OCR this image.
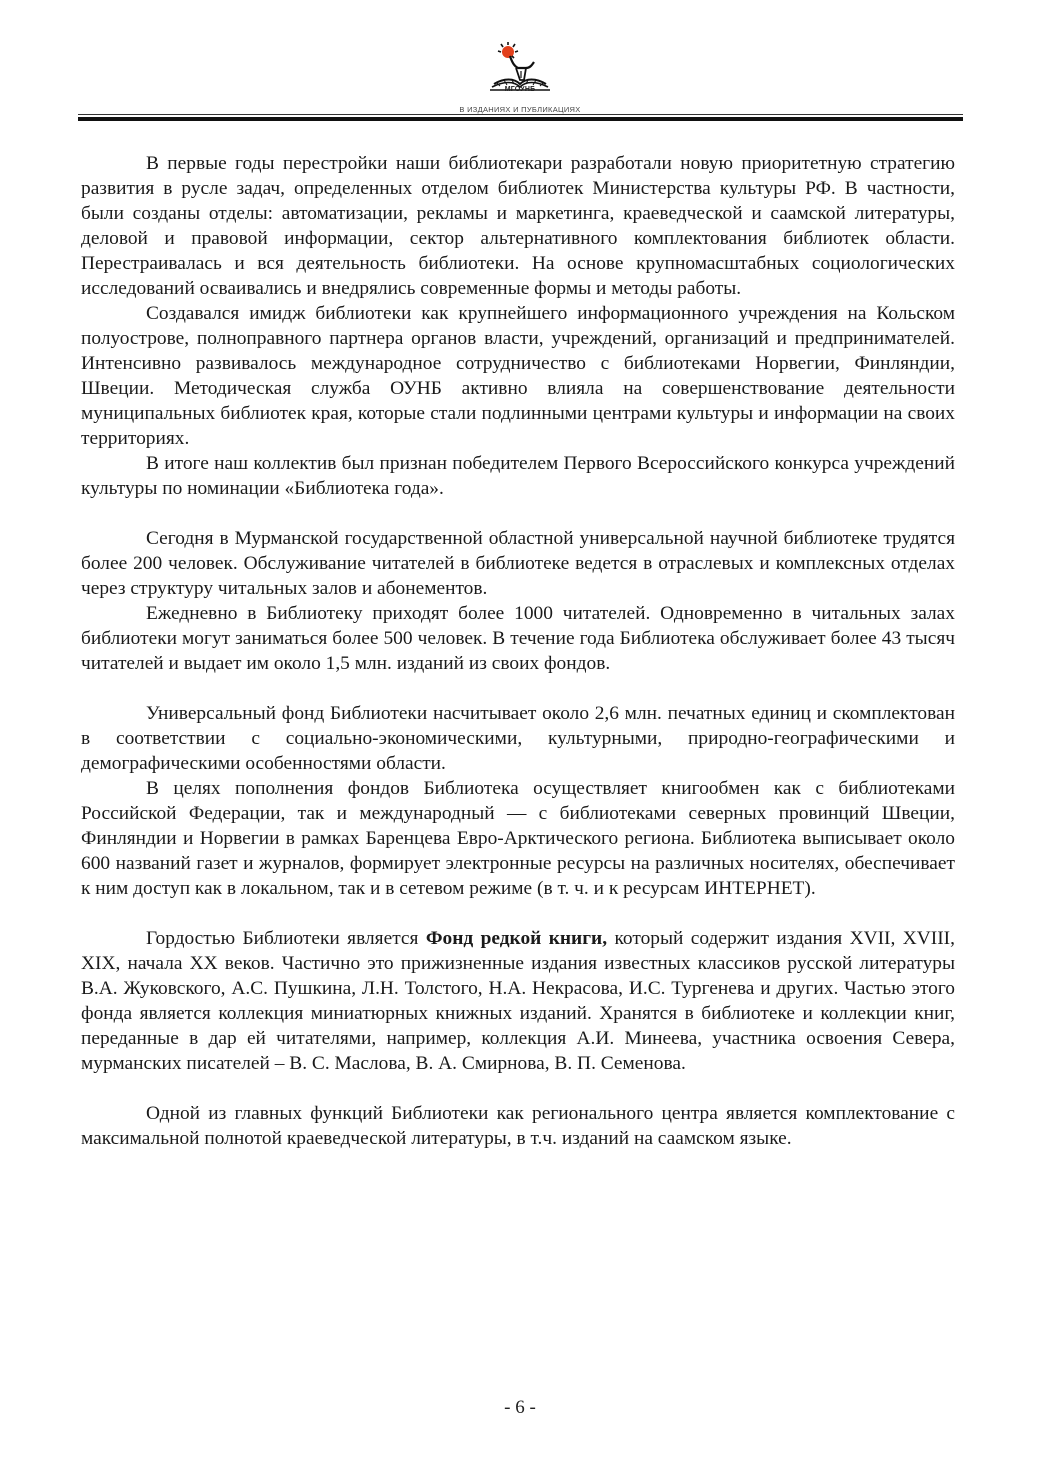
МГОУНБ
В ИЗДАНИЯХ И ПУБЛИКАЦИЯХ

В первые годы перестройки наши библиотекари разработали новую приоритетную стратегию развития в русле задач, определенных отделом библиотек Министерства культуры РФ. В частности, были созданы отделы: автоматизации, рекламы и маркетинга, краеведческой и саамской литературы, деловой и правовой информации, сектор альтернативного комплектования библиотек области. Перестраивалась и вся деятельность библиотеки. На основе крупномасштабных социологических исследований осваивались и внедрялись современные формы и методы работы.

Создавался имидж библиотеки как крупнейшего информационного учреждения на Кольском полуострове, полноправного партнера органов власти, учреждений, организаций и предпринимателей. Интенсивно развивалось международное сотрудничество с библиотеками Норвегии, Финляндии, Швеции. Методическая служба ОУНБ активно влияла на совершенствование деятельности муниципальных библиотек края, которые стали подлинными центрами культуры и информации на своих территориях.

В итоге наш коллектив был признан победителем Первого Всероссийского конкурса учреждений культуры по номинации «Библиотека года».

Сегодня в Мурманской государственной областной универсальной научной библиотеке трудятся более 200 человек. Обслуживание читателей в библиотеке ведется в отраслевых и комплексных отделах через структуру читальных залов и абонементов.

Ежедневно в Библиотеку приходят более 1000 читателей. Одновременно в читальных залах библиотеки могут заниматься более 500 человек. В течение года Библиотека обслуживает более 43 тысяч читателей и выдает им около 1,5 млн. изданий из своих фондов.

Универсальный фонд Библиотеки насчитывает около 2,6 млн. печатных единиц и скомплектован в соответствии с социально-экономическими, культурными, природно-географическими и демографическими особенностями области.

В целях пополнения фондов Библиотека осуществляет книгообмен как с библиотеками Российской Федерации, так и международный — с библиотеками северных провинций Швеции, Финляндии и Норвегии в рамках Баренцева Евро-Арктического региона. Библиотека выписывает около 600 названий газет и журналов, формирует электронные ресурсы на различных носителях, обеспечивает к ним доступ как в локальном, так и в сетевом режиме (в т. ч. и к ресурсам ИНТЕРНЕТ).

Гордостью Библиотеки является Фонд редкой книги, который содержит издания XVII, XVIII, XIX, начала XX веков. Частично это прижизненные издания известных классиков русской литературы В.А. Жуковского, А.С. Пушкина, Л.Н. Толстого, Н.А. Некрасова, И.С. Тургенева и других. Частью этого фонда является коллекция миниатюрных книжных изданий. Хранятся в библиотеке и коллекции книг, переданные в дар ей читателями, например, коллекция А.И. Минеева, участника освоения Севера, мурманских писателей – В. С. Маслова, В. А. Смирнова, В. П. Семенова.

Одной из главных функций Библиотеки как регионального центра является комплектование с максимальной полнотой краеведческой литературы, в т.ч. изданий на саамском языке.

- 6 -
